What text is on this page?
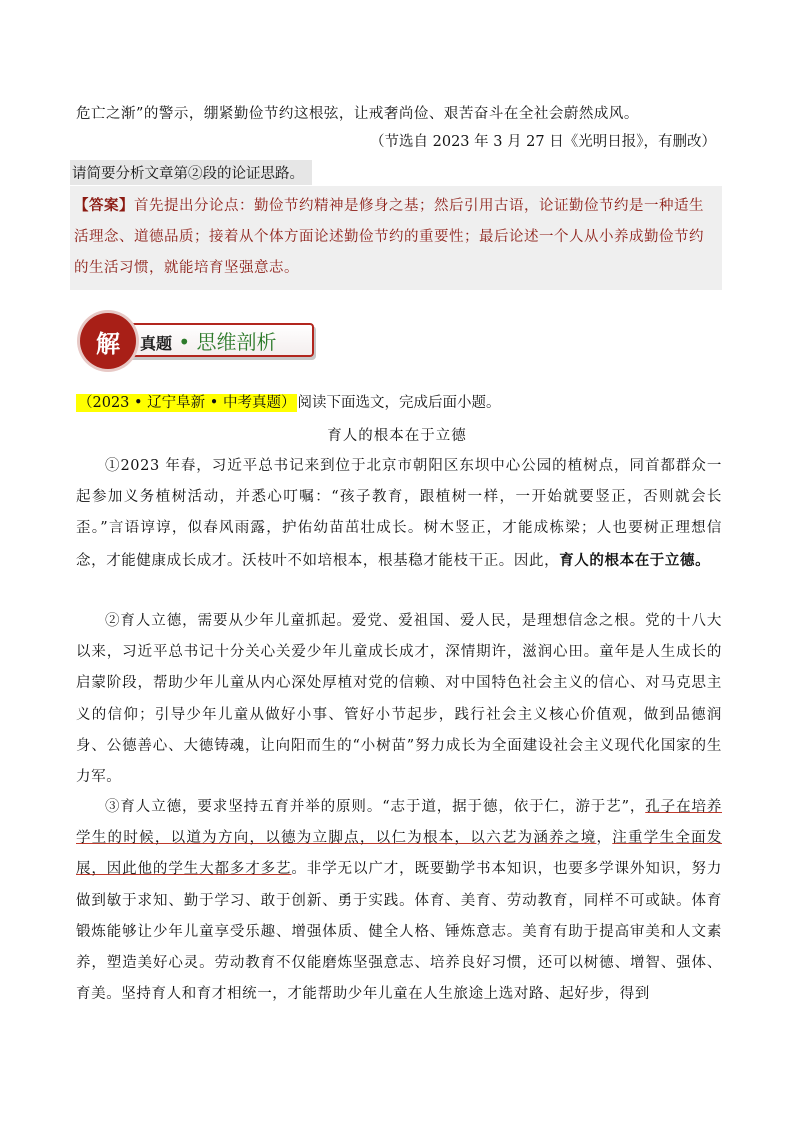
危亡之渐”的警示，绷紧勤俭节约这根弦，让戒奢尚俭、艰苦奋斗在全社会蔚然成风。
（节选自 2023 年 3 月 27 日《光明日报》，有删改）
请简要分析文章第②段的论证思路。
【答案】首先提出分论点：勤俭节约精神是修身之基；然后引用古语，论证勤俭节约是一种适生活理念、道德品质；接着从个体方面论述勤俭节约的重要性；最后论述一个人从小养成勤俭节约的生活习惯，就能培育坚强意志。
解 真题 • 思维剖析
（2023 • 辽宁阜新 • 中考真题） 阅读下面选文，完成后面小题。
育人的根本在于立德
①2023 年春，习近平总书记来到位于北京市朝阳区东坝中心公园的植树点，同首都群众一起参加义务植树活动，并悉心叮嘱：“孩子教育，跟植树一样，一开始就要竖正，否则就会长歪。”言语谆谆，似春风雨露，护佑幼苗茁壮成长。树木竖正，才能成栋梁；人也要树正理想信念，才能健康成长成才。沃枝叶不如培根本，根基稳才能枝干正。因此，育人的根本在于立德。
②育人立德，需要从少年儿童抓起。爱党、爱祖国、爱人民，是理想信念之根。党的十八大以来，习近平总书记十分关心关爱少年儿童成长成才，深情期许，滋润心田。童年是人生成长的启蒙阶段，帮助少年儿童从内心深处厚植对党的信赖、对中国特色社会主义的信心、对马克思主义的信仰；引导少年儿童从做好小事、管好小节起步，践行社会主义核心价值观，做到品德润身、公德善心、大德铸魂，让向阳而生的“小树苗”努力成长为全面建设社会主义现代化国家的生力军。
③育人立德，要求坚持五育并举的原则。“志于道，据于德，依于仁，游于艺”，孔子在培养学生的时候，以道为方向，以德为立脚点，以仁为根本，以六艺为涵养之境，注重学生全面发展，因此他的学生大都多才多艺。非学无以广才，既要勤学书本知识，也要多学课外知识，努力做到敏于求知、勤于学习、敢于创新、勇于实践。体育、美育、劳动教育，同样不可或缺。体育锻炼能够让少年儿童享受乐趣、增强体质、健全人格、锤炼意志。美育有助于提高审美和人文素养，塑造美好心灵。劳动教育不仅能磨炼坚强意志、培养良好习惯，还可以树德、增智、强体、育美。坚持育人和育才相统一，才能帮助少年儿童在人生旅途上选对路、起好步，得到
